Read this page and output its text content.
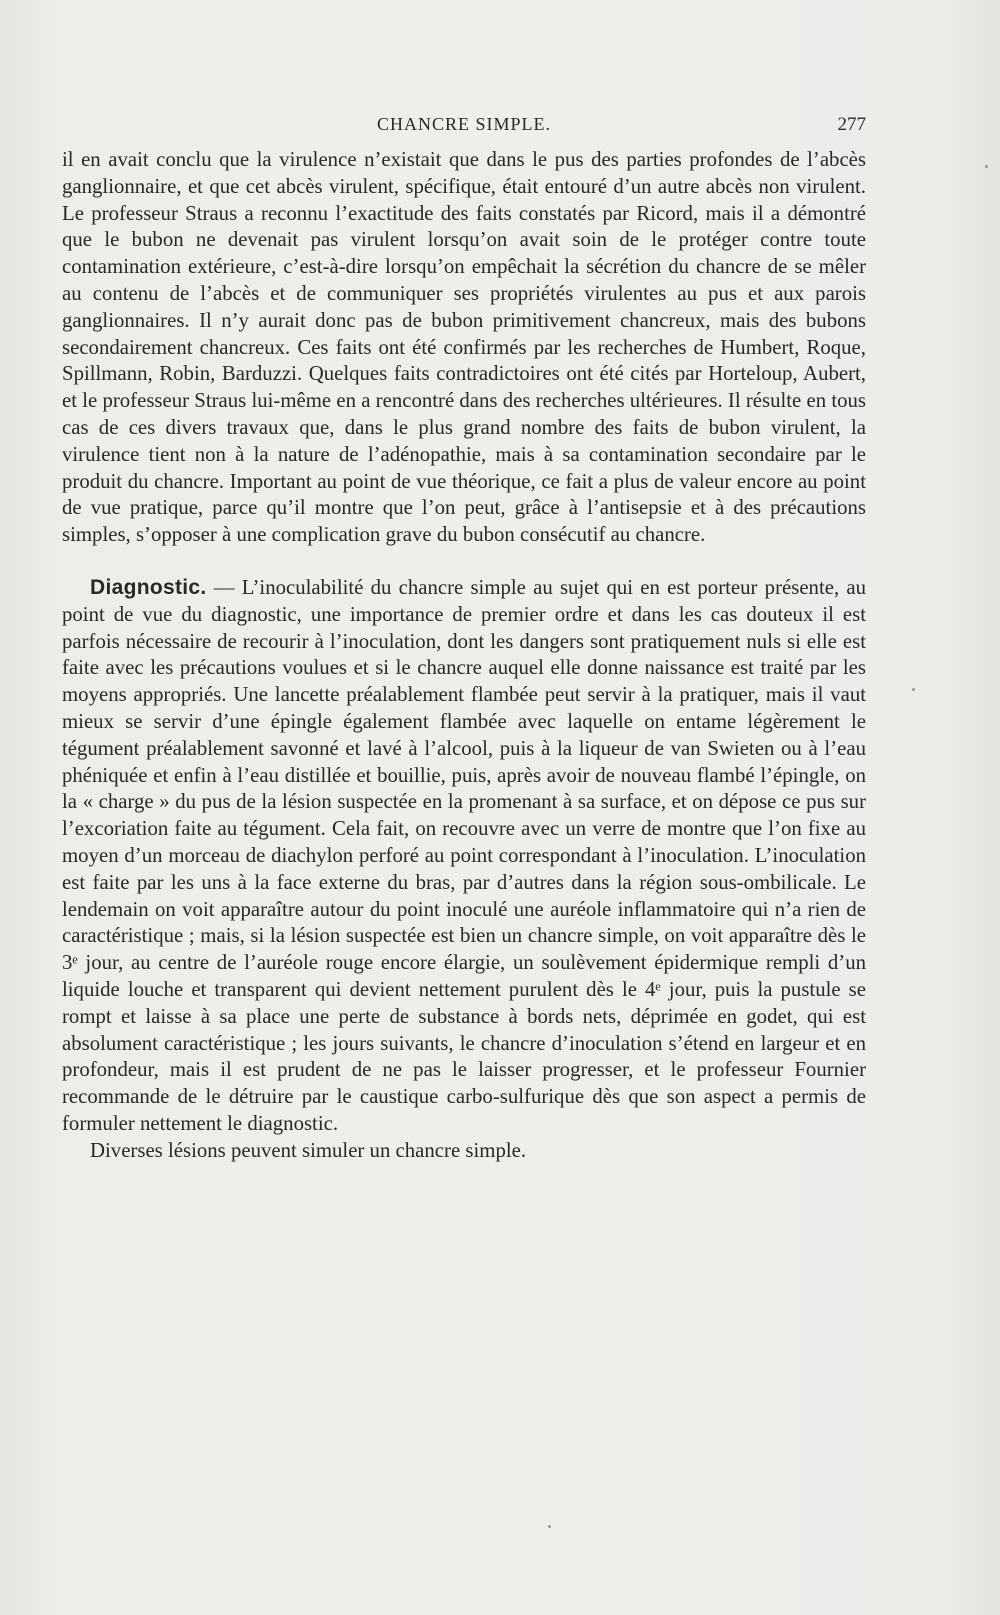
CHANCRE SIMPLE.	277

il en avait conclu que la virulence n’existait que dans le pus des parties profondes de l’abcès ganglionnaire, et que cet abcès virulent, spécifique, était entouré d’un autre abcès non virulent. Le professeur Straus a reconnu l’exactitude des faits constatés par Ricord, mais il a démontré que le bubon ne devenait pas virulent lorsqu’on avait soin de le protéger contre toute contamination extérieure, c’est-à-dire lorsqu’on empêchait la sécrétion du chancre de se mêler au contenu de l’abcès et de communiquer ses propriétés virulentes au pus et aux parois ganglionnaires. Il n’y aurait donc pas de bubon primitivement chancreux, mais des bubons secondairement chancreux. Ces faits ont été confirmés par les recherches de Humbert, Roque, Spillmann, Robin, Barduzzi. Quelques faits contradictoires ont été cités par Horteloup, Aubert, et le professeur Straus lui-même en a rencontré dans des recherches ultérieures. Il résulte en tous cas de ces divers travaux que, dans le plus grand nombre des faits de bubon virulent, la virulence tient non à la nature de l’adénopathie, mais à sa contamination secondaire par le produit du chancre. Important au point de vue théorique, ce fait a plus de valeur encore au point de vue pratique, parce qu’il montre que l’on peut, grâce à l’antisepsie et à des précautions simples, s’opposer à une complication grave du bubon consécutif au chancre.

Diagnostic. — L’inoculabilité du chancre simple au sujet qui en est porteur présente, au point de vue du diagnostic, une importance de premier ordre et dans les cas douteux il est parfois nécessaire de recourir à l’inoculation, dont les dangers sont pratiquement nuls si elle est faite avec les précautions voulues et si le chancre auquel elle donne naissance est traité par les moyens appropriés. Une lancette préalablement flambée peut servir à la pratiquer, mais il vaut mieux se servir d’une épingle également flambée avec laquelle on entame légèrement le tégument préalablement savonné et lavé à l’alcool, puis à la liqueur de van Swieten ou à l’eau phéniquée et enfin à l’eau distillée et bouillie, puis, après avoir de nouveau flambé l’épingle, on la « charge » du pus de la lésion suspectée en la promenant à sa surface, et on dépose ce pus sur l’excoriation faite au tégument. Cela fait, on recouvre avec un verre de montre que l’on fixe au moyen d’un morceau de diachylon perforé au point correspondant à l’inoculation. L’inoculation est faite par les uns à la face externe du bras, par d’autres dans la région sous-ombilicale. Le lendemain on voit apparaître autour du point inoculé une auréole inflammatoire qui n’a rien de caractéristique ; mais, si la lésion suspectée est bien un chancre simple, on voit apparaître dès le 3ᵉ jour, au centre de l’auréole rouge encore élargie, un soulèvement épidermique rempli d’un liquide louche et transparent qui devient nettement purulent dès le 4ᵉ jour, puis la pustule se rompt et laisse à sa place une perte de substance à bords nets, déprimée en godet, qui est absolument caractéristique ; les jours suivants, le chancre d’inoculation s’étend en largeur et en profondeur, mais il est prudent de ne pas le laisser progresser, et le professeur Fournier recommande de le détruire par le caustique carbo-sulfurique dès que son aspect a permis de formuler nettement le diagnostic.

Diverses lésions peuvent simuler un chancre simple.
